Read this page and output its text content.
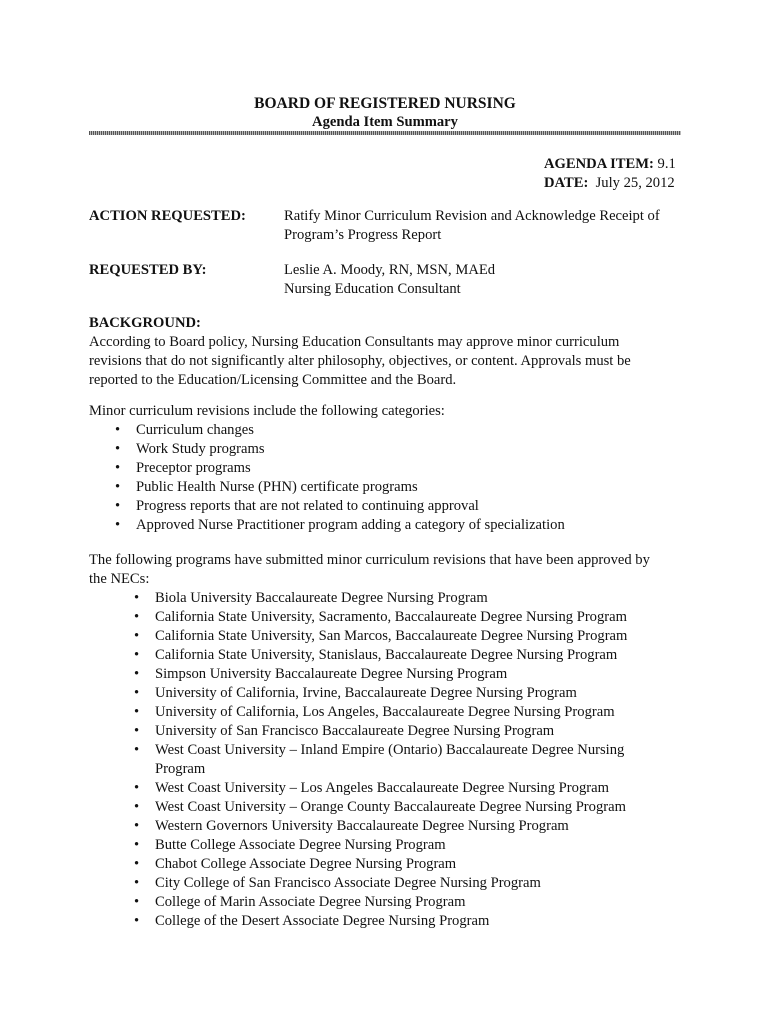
BOARD OF REGISTERED NURSING
Agenda Item Summary
AGENDA ITEM: 9.1
DATE: July 25, 2012
ACTION REQUESTED:	Ratify Minor Curriculum Revision and Acknowledge Receipt of
Program’s Progress Report
REQUESTED BY:	Leslie A. Moody, RN, MSN, MAEd
Nursing Education Consultant
BACKGROUND:
According to Board policy, Nursing Education Consultants may approve minor curriculum
revisions that do not significantly alter philosophy, objectives, or content. Approvals must be
reported to the Education/Licensing Committee and the Board.
Minor curriculum revisions include the following categories:
• Curriculum changes
• Work Study programs
• Preceptor programs
• Public Health Nurse (PHN) certificate programs
• Progress reports that are not related to continuing approval
• Approved Nurse Practitioner program adding a category of specialization
The following programs have submitted minor curriculum revisions that have been approved by
the NECs:
• Biola University Baccalaureate Degree Nursing Program
• California State University, Sacramento, Baccalaureate Degree Nursing Program
• California State University, San Marcos, Baccalaureate Degree Nursing Program
• California State University, Stanislaus, Baccalaureate Degree Nursing Program
• Simpson University Baccalaureate Degree Nursing Program
• University of California, Irvine, Baccalaureate Degree Nursing Program
• University of California, Los Angeles, Baccalaureate Degree Nursing Program
• University of San Francisco Baccalaureate Degree Nursing Program
• West Coast University – Inland Empire (Ontario) Baccalaureate Degree Nursing
Program
• West Coast University – Los Angeles Baccalaureate Degree Nursing Program
• West Coast University – Orange County Baccalaureate Degree Nursing Program
• Western Governors University Baccalaureate Degree Nursing Program
• Butte College Associate Degree Nursing Program
• Chabot College Associate Degree Nursing Program
• City College of San Francisco Associate Degree Nursing Program
• College of Marin Associate Degree Nursing Program
• College of the Desert Associate Degree Nursing Program
